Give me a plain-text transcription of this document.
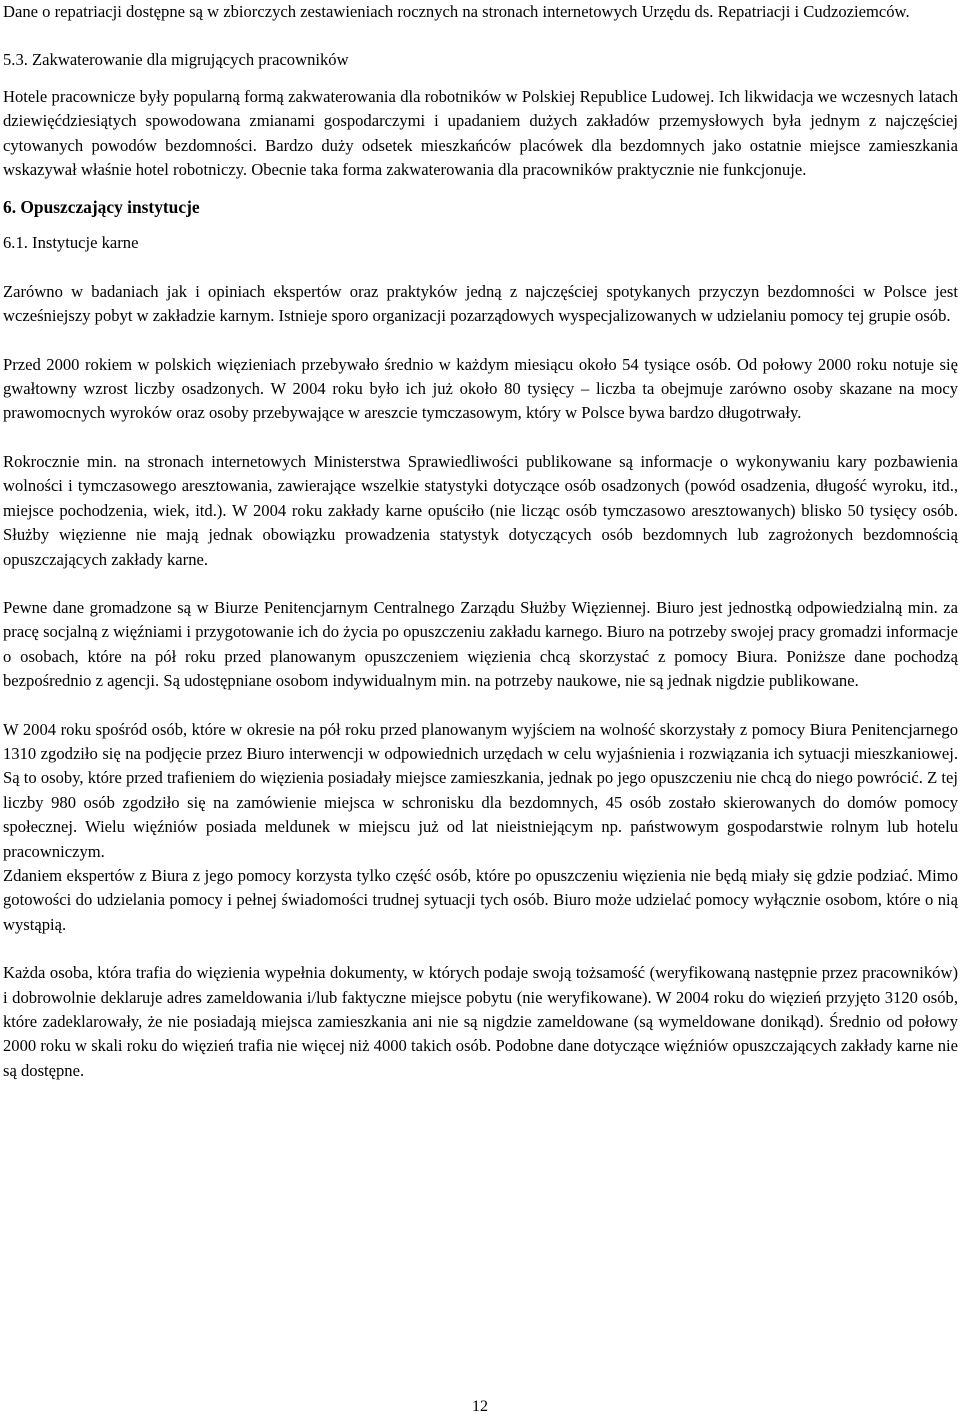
Dane o repatriacji dostępne są w zbiorczych zestawieniach rocznych na stronach internetowych Urzędu ds. Repatriacji i Cudzoziemców.

5.3. Zakwaterowanie dla migrujących pracowników

Hotele pracownicze były popularną formą zakwaterowania dla robotników w Polskiej Republice Ludowej. Ich likwidacja we wczesnych latach dziewięćdziesiątych spowodowana zmianami gospodarczymi i upadaniem dużych zakładów przemysłowych była jednym z najczęściej cytowanych powodów bezdomności. Bardzo duży odsetek mieszkańców placówek dla bezdomnych jako ostatnie miejsce zamieszkania wskazywał właśnie hotel robotniczy. Obecnie taka forma zakwaterowania dla pracowników praktycznie nie funkcjonuje.

6. Opuszczający instytucje

6.1. Instytucje karne

Zarówno w badaniach jak i opiniach ekspertów oraz praktyków jedną z najczęściej spotykanych przyczyn bezdomności w Polsce jest wcześniejszy pobyt w zakładzie karnym. Istnieje sporo organizacji pozarządowych wyspecjalizowanych w udzielaniu pomocy tej grupie osób.

Przed 2000 rokiem w polskich więzieniach przebywało średnio w każdym miesiącu około 54 tysiące osób. Od połowy 2000 roku notuje się gwałtowny wzrost liczby osadzonych. W 2004 roku było ich już około 80 tysięcy – liczba ta obejmuje zarówno osoby skazane na mocy prawomocnych wyroków oraz osoby przebywające w areszcie tymczasowym, który w Polsce bywa bardzo długotrwały.

Rokrocznie min. na stronach internetowych Ministerstwa Sprawiedliwości publikowane są informacje o wykonywaniu kary pozbawienia wolności i tymczasowego aresztowania, zawierające wszelkie statystyki dotyczące osób osadzonych (powód osadzenia, długość wyroku, itd., miejsce pochodzenia, wiek, itd.). W 2004 roku zakłady karne opuściło (nie licząc osób tymczasowo aresztowanych) blisko 50 tysięcy osób. Służby więzienne nie mają jednak obowiązku prowadzenia statystyk dotyczących osób bezdomnych lub zagrożonych bezdomnością opuszczających zakłady karne.

Pewne dane gromadzone są w Biurze Penitencjarnym Centralnego Zarządu Służby Więziennej. Biuro jest jednostką odpowiedzialną min. za pracę socjalną z więźniami i przygotowanie ich do życia po opuszczeniu zakładu karnego. Biuro na potrzeby swojej pracy gromadzi informacje o osobach, które na pół roku przed planowanym opuszczeniem więzienia chcą skorzystać z pomocy Biura. Poniższe dane pochodzą bezpośrednio z agencji. Są udostępniane osobom indywidualnym min. na potrzeby naukowe, nie są jednak nigdzie publikowane.

W 2004 roku spośród osób, które w okresie na pół roku przed planowanym wyjściem na wolność skorzystały z pomocy Biura Penitencjarnego 1310 zgodziło się na podjęcie przez Biuro interwencji w odpowiednich urzędach w celu wyjaśnienia i rozwiązania ich sytuacji mieszkaniowej. Są to osoby, które przed trafieniem do więzienia posiadały miejsce zamieszkania, jednak po jego opuszczeniu nie chcą do niego powrócić. Z tej liczby 980 osób zgodziło się na zamówienie miejsca w schronisku dla bezdomnych, 45 osób zostało skierowanych do domów pomocy społecznej. Wielu więźniów posiada meldunek w miejscu już od lat nieistniejącym np. państwowym gospodarstwie rolnym lub hotelu pracowniczym.

Zdaniem ekspertów z Biura z jego pomocy korzysta tylko część osób, które po opuszczeniu więzienia nie będą miały się gdzie podziać. Mimo gotowości do udzielania pomocy i pełnej świadomości trudnej sytuacji tych osób. Biuro może udzielać pomocy wyłącznie osobom, które o nią wystąpią.

Każda osoba, która trafia do więzienia wypełnia dokumenty, w których podaje swoją tożsamość (weryfikowaną następnie przez pracowników) i dobrowolnie deklaruje adres zameldowania i/lub faktyczne miejsce pobytu (nie weryfikowane). W 2004 roku do więzień przyjęto 3120 osób, które zadeklarowały, że nie posiadają miejsca zamieszkania ani nie są nigdzie zameldowane (są wymeldowane donikąd). Średnio od połowy 2000 roku w skali roku do więzień trafia nie więcej niż 4000 takich osób. Podobne dane dotyczące więźniów opuszczających zakłady karne nie są dostępne.

12
